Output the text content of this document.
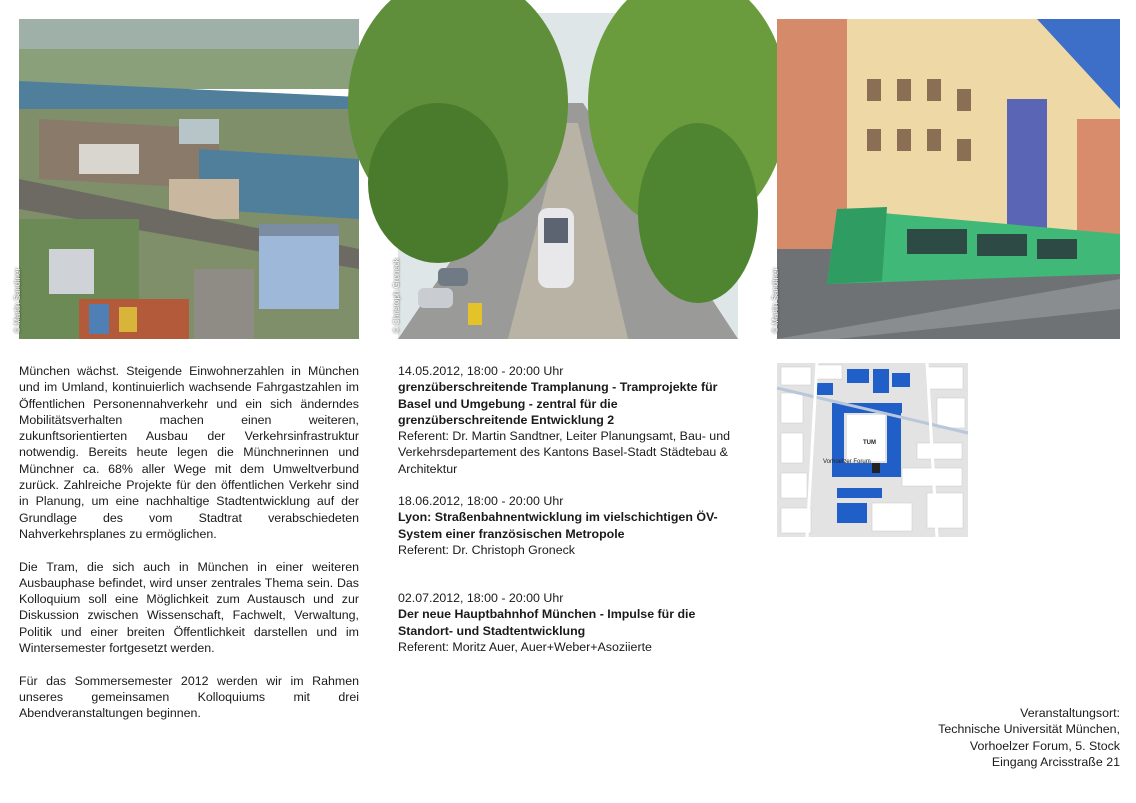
© Martin Sandtner	© Christoph Groneck	© Martin Sandtner

München wächst. Steigende Einwohnerzahlen in München und im Umland, kontinuierlich wachsende Fahrgastzahlen im Öffentlichen Personennahverkehr und ein sich änderndes Mobilitätsverhalten machen einen weiteren, zukunftsorientierten Ausbau der Verkehrsinfrastruktur notwendig. Bereits heute legen die Münchnerinnen und Münchner ca. 68% aller Wege mit dem Umweltverbund zurück. Zahlreiche Projekte für den öffentlichen Verkehr sind in Planung, um eine nachhaltige Stadtentwicklung auf der Grundlage des vom Stadtrat verabschiedeten Nahverkehrsplanes zu ermöglichen.

Die Tram, die sich auch in München in einer weiteren Ausbauphase befindet, wird unser zentrales Thema sein. Das Kolloquium soll eine Möglichkeit zum Austausch und zur Diskussion zwischen Wissenschaft, Fachwelt, Verwaltung, Politik und einer breiten Öffentlichkeit darstellen und im Wintersemester fortgesetzt werden.

Für das Sommersemester 2012 werden wir im Rahmen unseres gemeinsamen Kolloquiums mit drei Abendveranstaltungen beginnen.

14.05.2012, 18:00 - 20:00 Uhr
grenzüberschreitende Tramplanung - Tramprojekte für Basel und Umgebung - zentral für die grenzüberschreitende Entwicklung 2
Referent: Dr. Martin Sandtner, Leiter Planungsamt, Bau- und Verkehrsdepartement des Kantons Basel-Stadt Städtebau & Architektur
18.06.2012, 18:00 - 20:00 Uhr
Lyon: Straßenbahnentwicklung im vielschichtigen ÖV-System einer französischen Metropole
Referent: Dr. Christoph Groneck
02.07.2012, 18:00 - 20:00 Uhr
Der neue Hauptbahnhof München - Impulse für die Standort- und Stadtentwicklung
Referent: Moritz Auer, Auer+Weber+Asoziierte
TUM
Vorhoelzer Forum
Veranstaltungsort:
Technische Universität München,
Vorhoelzer Forum, 5. Stock
Eingang Arcisstraße 21
